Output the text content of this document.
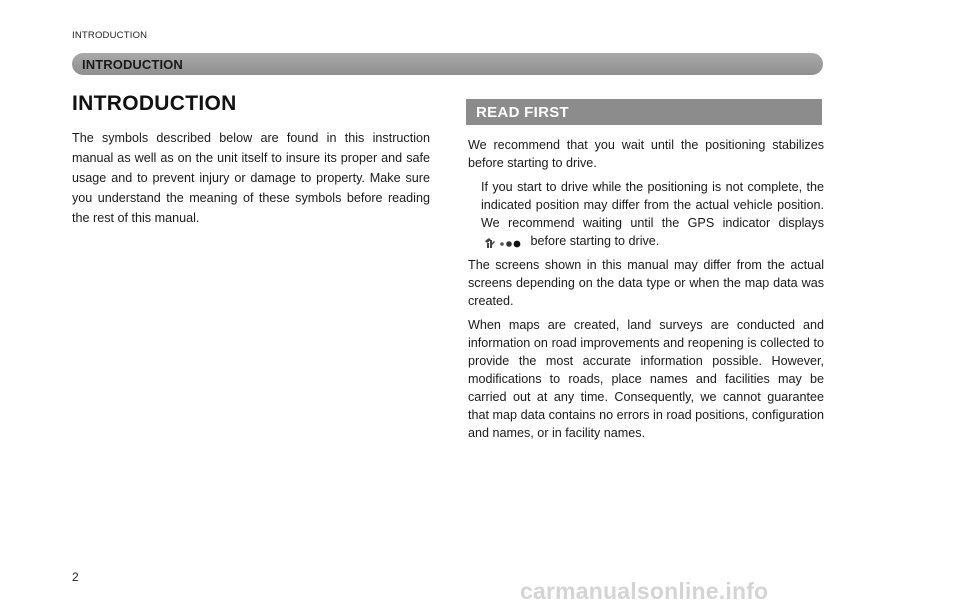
INTRODUCTION
INTRODUCTION
INTRODUCTION

The symbols described below are found in this instruction manual as well as on the unit itself to insure its proper and safe usage and to prevent injury or damage to property. Make sure you understand the meaning of these symbols before reading the rest of this manual.

READ FIRST

We recommend that you wait until the positioning stabilizes before starting to drive.

If you start to drive while the positioning is not complete, the indicated position may differ from the actual vehicle position. We recommend waiting until the GPS indicator displays  before starting to drive.

The screens shown in this manual may differ from the actual screens depending on the data type or when the map data was created.

When maps are created, land surveys are conducted and information on road improvements and reopening is collected to provide the most accurate information possible. However, modifications to roads, place names and facilities may be carried out at any time. Consequently, we cannot guarantee that map data contains no errors in road positions, configuration and names, or in facility names.

2
carmanualsonline.info
